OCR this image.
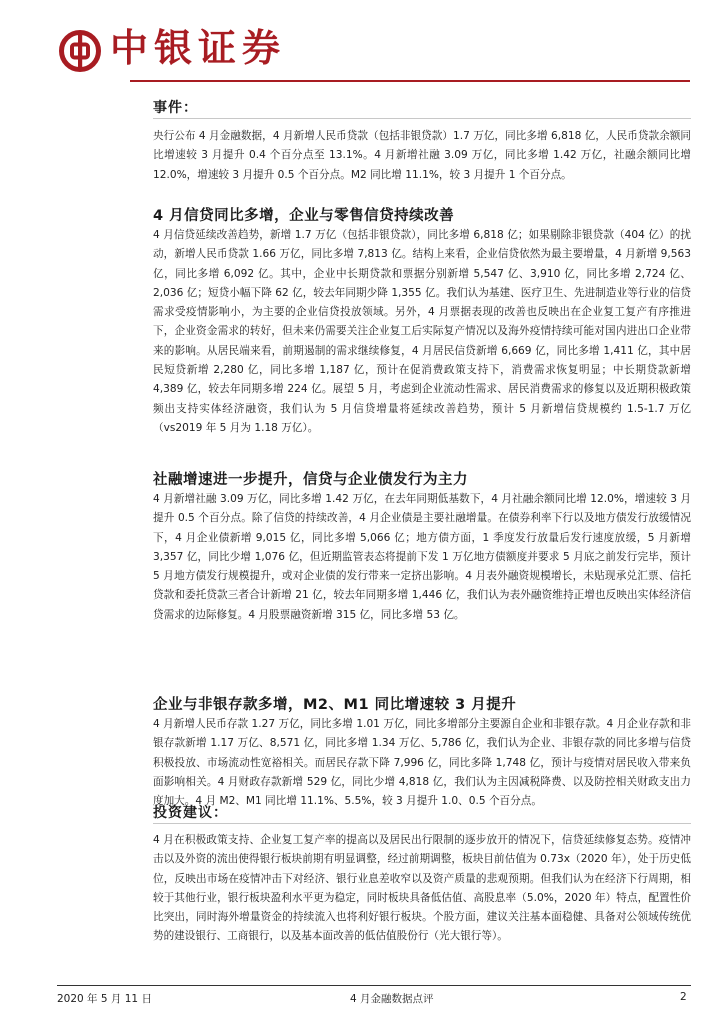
中银证券
事件：
央行公布 4 月金融数据，4 月新增人民币贷款（包括非银贷款）1.7 万亿，同比多增 6,818 亿，人民币贷款余额同比增速较 3 月提升 0.4 个百分点至 13.1%。4 月新增社融 3.09 万亿，同比多增 1.42 万亿，社融余额同比增 12.0%，增速较 3 月提升 0.5 个百分点。M2 同比增 11.1%，较 3 月提升 1 个百分点。
4 月信贷同比多增，企业与零售信贷持续改善
4 月信贷延续改善趋势，新增 1.7 万亿（包括非银贷款），同比多增 6,818 亿；如果剔除非银贷款（404 亿）的扰动，新增人民币贷款 1.66 万亿，同比多增 7,813 亿。结构上来看，企业信贷依然为最主要增量，4 月新增 9,563 亿，同比多增 6,092 亿。其中，企业中长期贷款和票据分别新增 5,547 亿、3,910 亿，同比多增 2,724 亿、2,036 亿；短贷小幅下降 62 亿，较去年同期少降 1,355 亿。我们认为基建、医疗卫生、先进制造业等行业的信贷需求受疫情影响小，为主要的企业信贷投放领域。另外，4 月票据表现的改善也反映出在企业复工复产有序推进下，企业资金需求的转好，但未来仍需要关注企业复工后实际复产情况以及海外疫情持续可能对国内进出口企业带来的影响。从居民端来看，前期遏制的需求继续修复，4 月居民信贷新增 6,669 亿，同比多增 1,411 亿，其中居民短贷新增 2,280 亿，同比多增 1,187 亿，预计在促消费政策支持下，消费需求恢复明显；中长期贷款新增 4,389 亿，较去年同期多增 224 亿。展望 5 月，考虑到企业流动性需求、居民消费需求的修复以及近期积极政策频出支持实体经济融资，我们认为 5 月信贷增量将延续改善趋势，预计 5 月新增信贷规模约 1.5-1.7 万亿（vs2019 年 5 月为 1.18 万亿）。
社融增速进一步提升，信贷与企业债发行为主力
4 月新增社融 3.09 万亿，同比多增 1.42 万亿，在去年同期低基数下，4 月社融余额同比增 12.0%，增速较 3 月提升 0.5 个百分点。除了信贷的持续改善，4 月企业债是主要社融增量。在债券利率下行以及地方债发行放缓情况下，4 月企业债新增 9,015 亿，同比多增 5,066 亿；地方债方面，1 季度发行放量后发行速度放缓，5 月新增 3,357 亿，同比少增 1,076 亿，但近期监管表态将提前下发 1 万亿地方债额度并要求 5 月底之前发行完毕，预计 5 月地方债发行规模提升，或对企业债的发行带来一定挤出影响。4 月表外融资规模增长，未贴现承兑汇票、信托贷款和委托贷款三者合计新增 21 亿，较去年同期多增 1,446 亿，我们认为表外融资维持正增也反映出实体经济信贷需求的边际修复。4 月股票融资新增 315 亿，同比多增 53 亿。
企业与非银存款多增，M2、M1 同比增速较 3 月提升
4 月新增人民币存款 1.27 万亿，同比多增 1.01 万亿，同比多增部分主要源自企业和非银存款。4 月企业存款和非银存款新增 1.17 万亿、8,571 亿，同比多增 1.34 万亿、5,786 亿，我们认为企业、非银存款的同比多增与信贷积极投放、市场流动性宽裕相关。而居民存款下降 7,996 亿，同比多降 1,748 亿，预计与疫情对居民收入带来负面影响相关。4 月财政存款新增 529 亿，同比少增 4,818 亿，我们认为主因减税降费、以及防控相关财政支出力度加大。4 月 M2、M1 同比增 11.1%、5.5%，较 3 月提升 1.0、0.5 个百分点。
投资建议：
4 月在积极政策支持、企业复工复产率的提高以及居民出行限制的逐步放开的情况下，信贷延续修复态势。疫情冲击以及外资的流出使得银行板块前期有明显调整，经过前期调整，板块目前估值为 0.73x（2020 年），处于历史低位，反映出市场在疫情冲击下对经济、银行业息差收窄以及资产质量的悲观预期。但我们认为在经济下行周期，相较于其他行业，银行板块盈利水平更为稳定，同时板块具备低估值、高股息率（5.0%，2020 年）特点，配置性价比突出，同时海外增量资金的持续流入也将利好银行板块。个股方面，建议关注基本面稳健、具备对公领域传统优势的建设银行、工商银行，以及基本面改善的低估值股份行（光大银行等）。
2020 年 5 月 11 日	4 月金融数据点评	2
